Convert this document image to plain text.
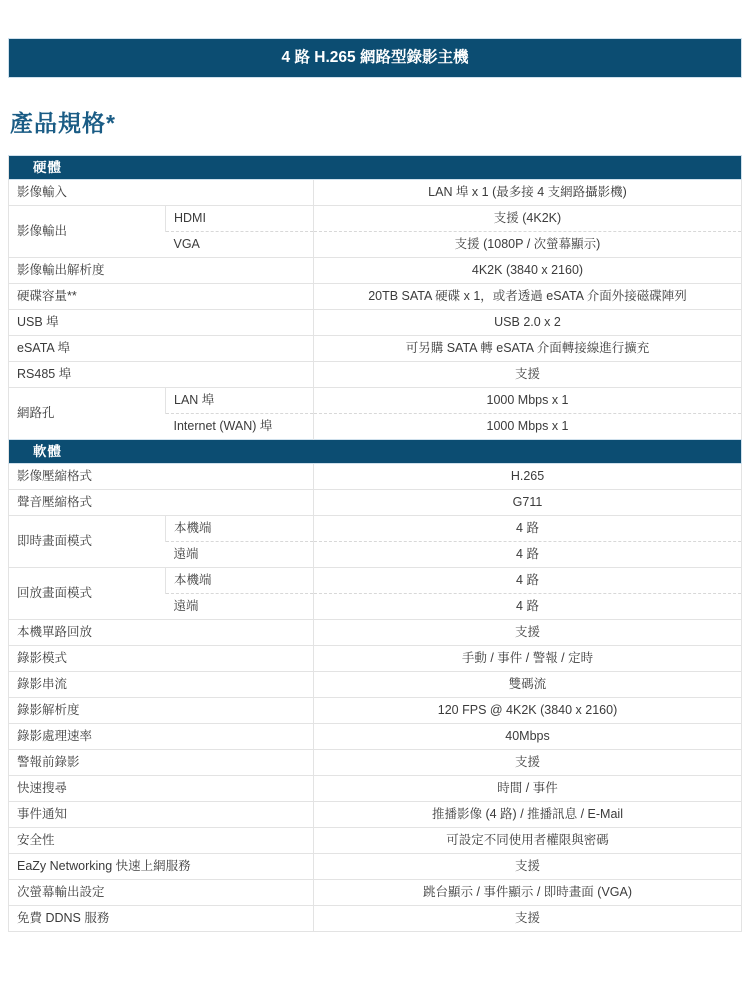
4 路 H.265 網路型錄影主機
產品規格*
硬體		
影像輸入		LAN 埠 x 1 (最多接 4 支網路攝影機)
影像輸出	HDMI	支援 (4K2K)
	VGA	支援 (1080P / 次螢幕顯示)
影像輸出解析度		4K2K (3840 x 2160)
硬碟容量**		20TB SATA 硬碟 x 1，或者透過 eSATA 介面外接磁碟陣列
USB 埠		USB 2.0 x 2
eSATA 埠		可另購 SATA 轉 eSATA 介面轉接線進行擴充
RS485 埠		支援
網路孔	LAN 埠	1000 Mbps x 1
	Internet (WAN) 埠	1000 Mbps x 1
軟體		
影像壓縮格式		H.265
聲音壓縮格式		G711
即時畫面模式	本機端	4 路
	遠端	4 路
回放畫面模式	本機端	4 路
	遠端	4 路
本機單路回放		支援
錄影模式		手動 / 事件 / 警報 / 定時
錄影串流		雙碼流
錄影解析度		120 FPS @ 4K2K (3840 x 2160)
錄影處理速率		40Mbps
警報前錄影		支援
快速搜尋		時間 / 事件
事件通知		推播影像 (4 路) / 推播訊息 / E-Mail
安全性		可設定不同使用者權限與密碼
EaZy Networking 快速上網服務		支援
次螢幕輸出設定		跳台顯示 / 事件顯示 / 即時畫面 (VGA)
免費 DDNS 服務		支援
